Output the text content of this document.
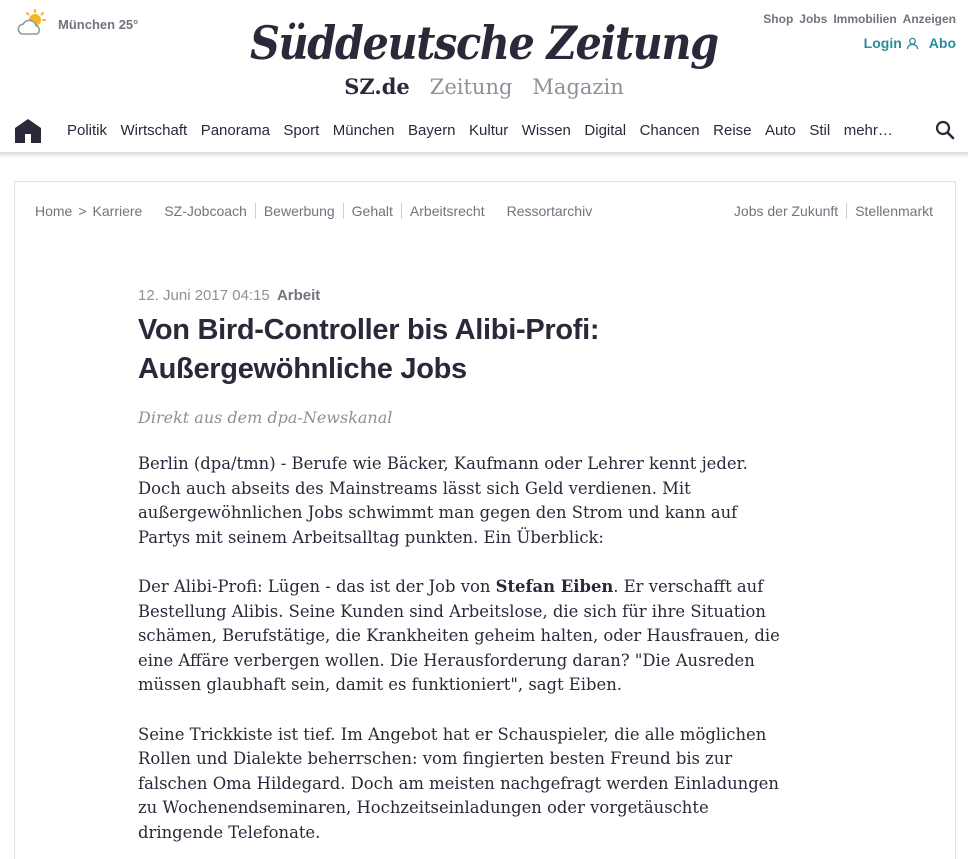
München 25°	Süddeutsche Zeitung
SZ.de Zeitung Magazin
Shop Jobs Immobilien Anzeigen
Login Abo
Politik Wirtschaft Panorama Sport München Bayern Kultur Wissen Digital Chancen Reise Auto Stil mehr…
Home > Karriere SZ-Jobcoach Bewerbung Gehalt Arbeitsrecht Ressortarchiv	Jobs der Zukunft Stellenmarkt
12. Juni 2017 04:15 Arbeit
Von Bird-Controller bis Alibi-Profi:
Außergewöhnliche Jobs
Direkt aus dem dpa-Newskanal

Berlin (dpa/tmn) - Berufe wie Bäcker, Kaufmann oder Lehrer kennt jeder. Doch auch abseits des Mainstreams lässt sich Geld verdienen. Mit außergewöhnlichen Jobs schwimmt man gegen den Strom und kann auf Partys mit seinem Arbeitsalltag punkten. Ein Überblick:

Der Alibi-Profi: Lügen - das ist der Job von Stefan Eiben. Er verschafft auf Bestellung Alibis. Seine Kunden sind Arbeitslose, die sich für ihre Situation schämen, Berufstätige, die Krankheiten geheim halten, oder Hausfrauen, die eine Affäre verbergen wollen. Die Herausforderung daran? "Die Ausreden müssen glaubhaft sein, damit es funktioniert", sagt Eiben.

Seine Trickkiste ist tief. Im Angebot hat er Schauspieler, die alle möglichen Rollen und Dialekte beherrschen: vom fingierten besten Freund bis zur falschen Oma Hildegard. Doch am meisten nachgefragt werden Einladungen zu Wochenendseminaren, Hochzeitseinladungen oder vorgetäuschte dringende Telefonate.
